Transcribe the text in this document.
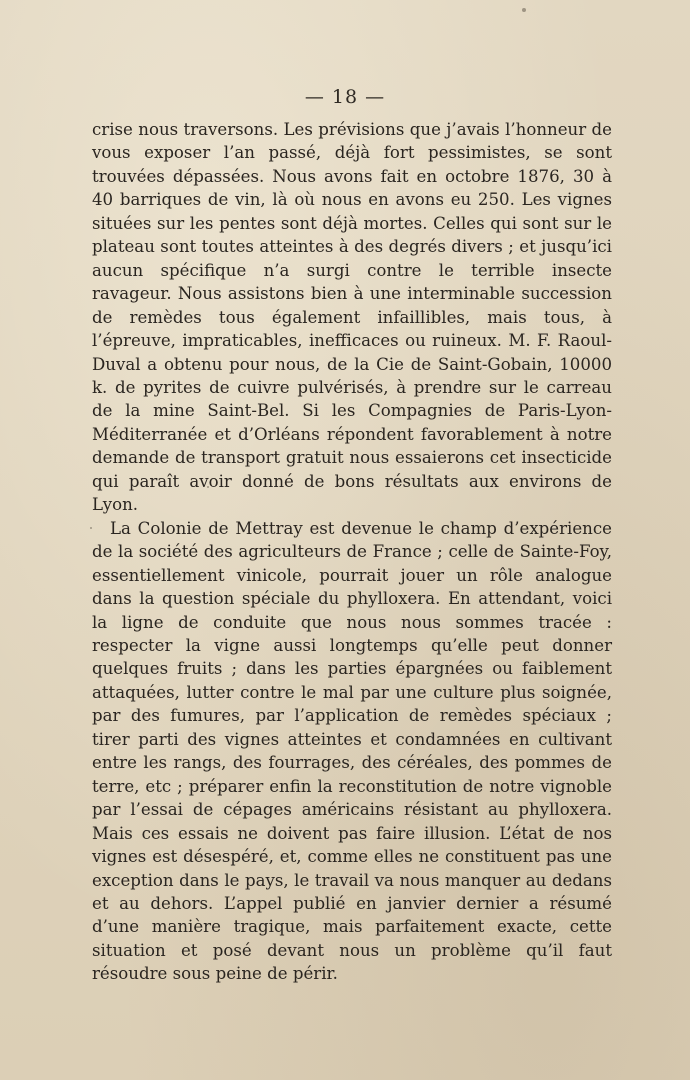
— 18 —

crise nous traversons. Les prévisions que j’avais l’honneur de vous exposer l’an passé, déjà fort pessimistes, se sont trouvées dépassées. Nous avons fait en octobre 1876, 30 à 40 barriques de vin, là où nous en avons eu 250. Les vignes situées sur les pentes sont déjà mortes. Celles qui sont sur le plateau sont toutes atteintes à des degrés divers ; et jusqu’ici aucun spécifique n’a surgi contre le terrible insecte ravageur. Nous assistons bien à une interminable succession de remèdes tous également infaillibles, mais tous, à l’épreuve, impraticables, inefficaces ou ruineux. M. F. Raoul-Duval a obtenu pour nous, de la Cie de Saint-Gobain, 10000 k. de pyrites de cuivre pulvérisés, à prendre sur le carreau de la mine Saint-Bel. Si les Compagnies de Paris-Lyon-Méditerranée et d’Orléans répondent favorablement à notre demande de transport gratuit nous essaierons cet insecticide qui paraît avoir donné de bons résultats aux environs de Lyon.

La Colonie de Mettray est devenue le champ d’expérience de la société des agriculteurs de France ; celle de Sainte-Foy, essentiellement vinicole, pourrait jouer un rôle analogue dans la question spéciale du phylloxera. En attendant, voici la ligne de conduite que nous nous sommes tracée : respecter la vigne aussi longtemps qu’elle peut donner quelques fruits ; dans les parties épargnées ou faiblement attaquées, lutter contre le mal par une culture plus soignée, par des fumures, par l’application de remèdes spéciaux ; tirer parti des vignes atteintes et condamnées en cultivant entre les rangs, des fourrages, des céréales, des pommes de terre, etc ; préparer enfin la reconstitution de notre vignoble par l’essai de cépages américains résistant au phylloxera. Mais ces essais ne doivent pas faire illusion. L’état de nos vignes est désespéré, et, comme elles ne constituent pas une exception dans le pays, le travail va nous manquer au dedans et au dehors. L’appel publié en janvier dernier a résumé d’une manière tragique, mais parfaitement exacte, cette situation et posé devant nous un problème qu’il faut résoudre sous peine de périr.
